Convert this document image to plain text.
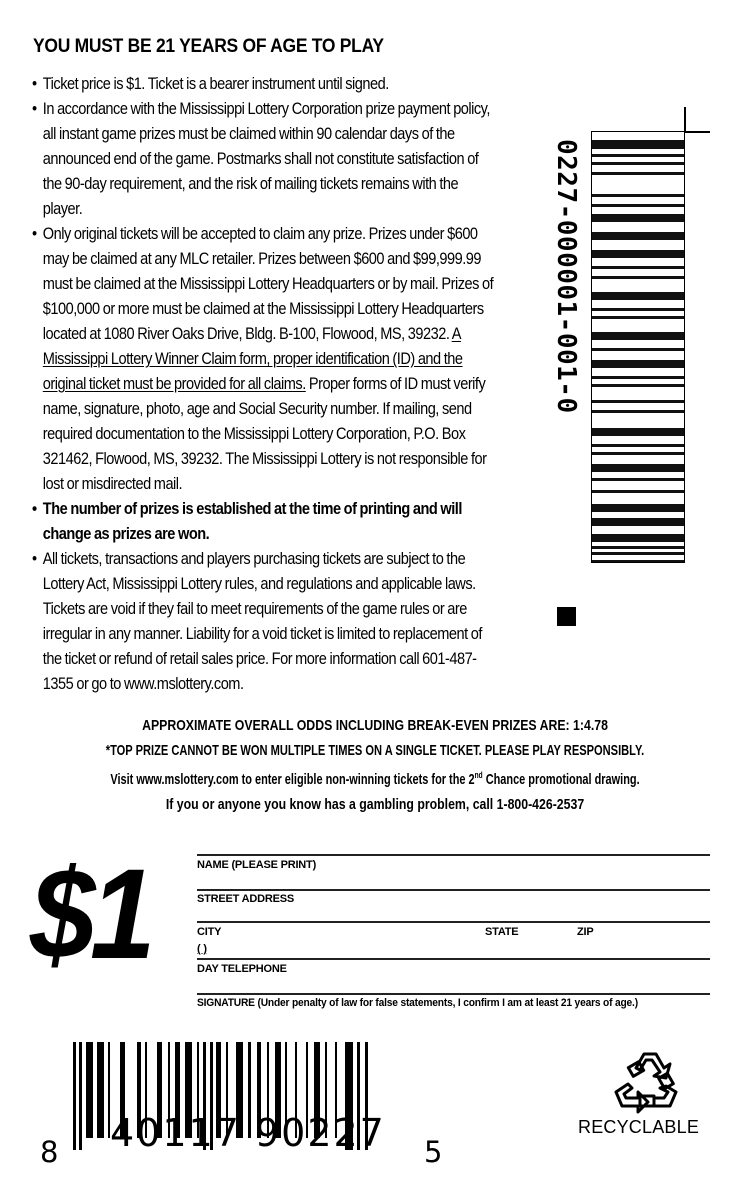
YOU MUST BE 21 YEARS OF AGE TO PLAY
• Ticket price is $1. Ticket is a bearer instrument until signed.
• In accordance with the Mississippi Lottery Corporation prize payment policy, all instant game prizes must be claimed within 90 calendar days of the announced end of the game. Postmarks shall not constitute satisfaction of the 90-day requirement, and the risk of mailing tickets remains with the player.
• Only original tickets will be accepted to claim any prize. Prizes under $600 may be claimed at any MLC retailer. Prizes between $600 and $99,999.99 must be claimed at the Mississippi Lottery Headquarters or by mail. Prizes of $100,000 or more must be claimed at the Mississippi Lottery Headquarters located at 1080 River Oaks Drive, Bldg. B-100, Flowood, MS, 39232. A Mississippi Lottery Winner Claim form, proper identification (ID) and the original ticket must be provided for all claims. Proper forms of ID must verify name, signature, photo, age and Social Security number. If mailing, send required documentation to the Mississippi Lottery Corporation, P.O. Box 321462, Flowood, MS, 39232. The Mississippi Lottery is not responsible for lost or misdirected mail.
• The number of prizes is established at the time of printing and will change as prizes are won.
• All tickets, transactions and players purchasing tickets are subject to the Lottery Act, Mississippi Lottery rules, and regulations and applicable laws. Tickets are void if they fail to meet requirements of the game rules or are irregular in any manner. Liability for a void ticket is limited to replacement of the ticket or refund of retail sales price. For more information call 601-487-1355 or go to www.mslottery.com.
0227-000001-001-0
APPROXIMATE OVERALL ODDS INCLUDING BREAK-EVEN PRIZES ARE: 1:4.78
*TOP PRIZE CANNOT BE WON MULTIPLE TIMES ON A SINGLE TICKET. PLEASE PLAY RESPONSIBLY.
Visit www.mslottery.com to enter eligible non-winning tickets for the 2nd Chance promotional drawing.
If you or anyone you know has a gambling problem, call 1-800-426-2537
$1	NAME (PLEASE PRINT)
STREET ADDRESS
CITY	STATE	ZIP
( )
DAY TELEPHONE
SIGNATURE (Under penalty of law for false statements, I confirm I am at least 21 years of age.)
8 40117 90227 5
RECYCLABLE
